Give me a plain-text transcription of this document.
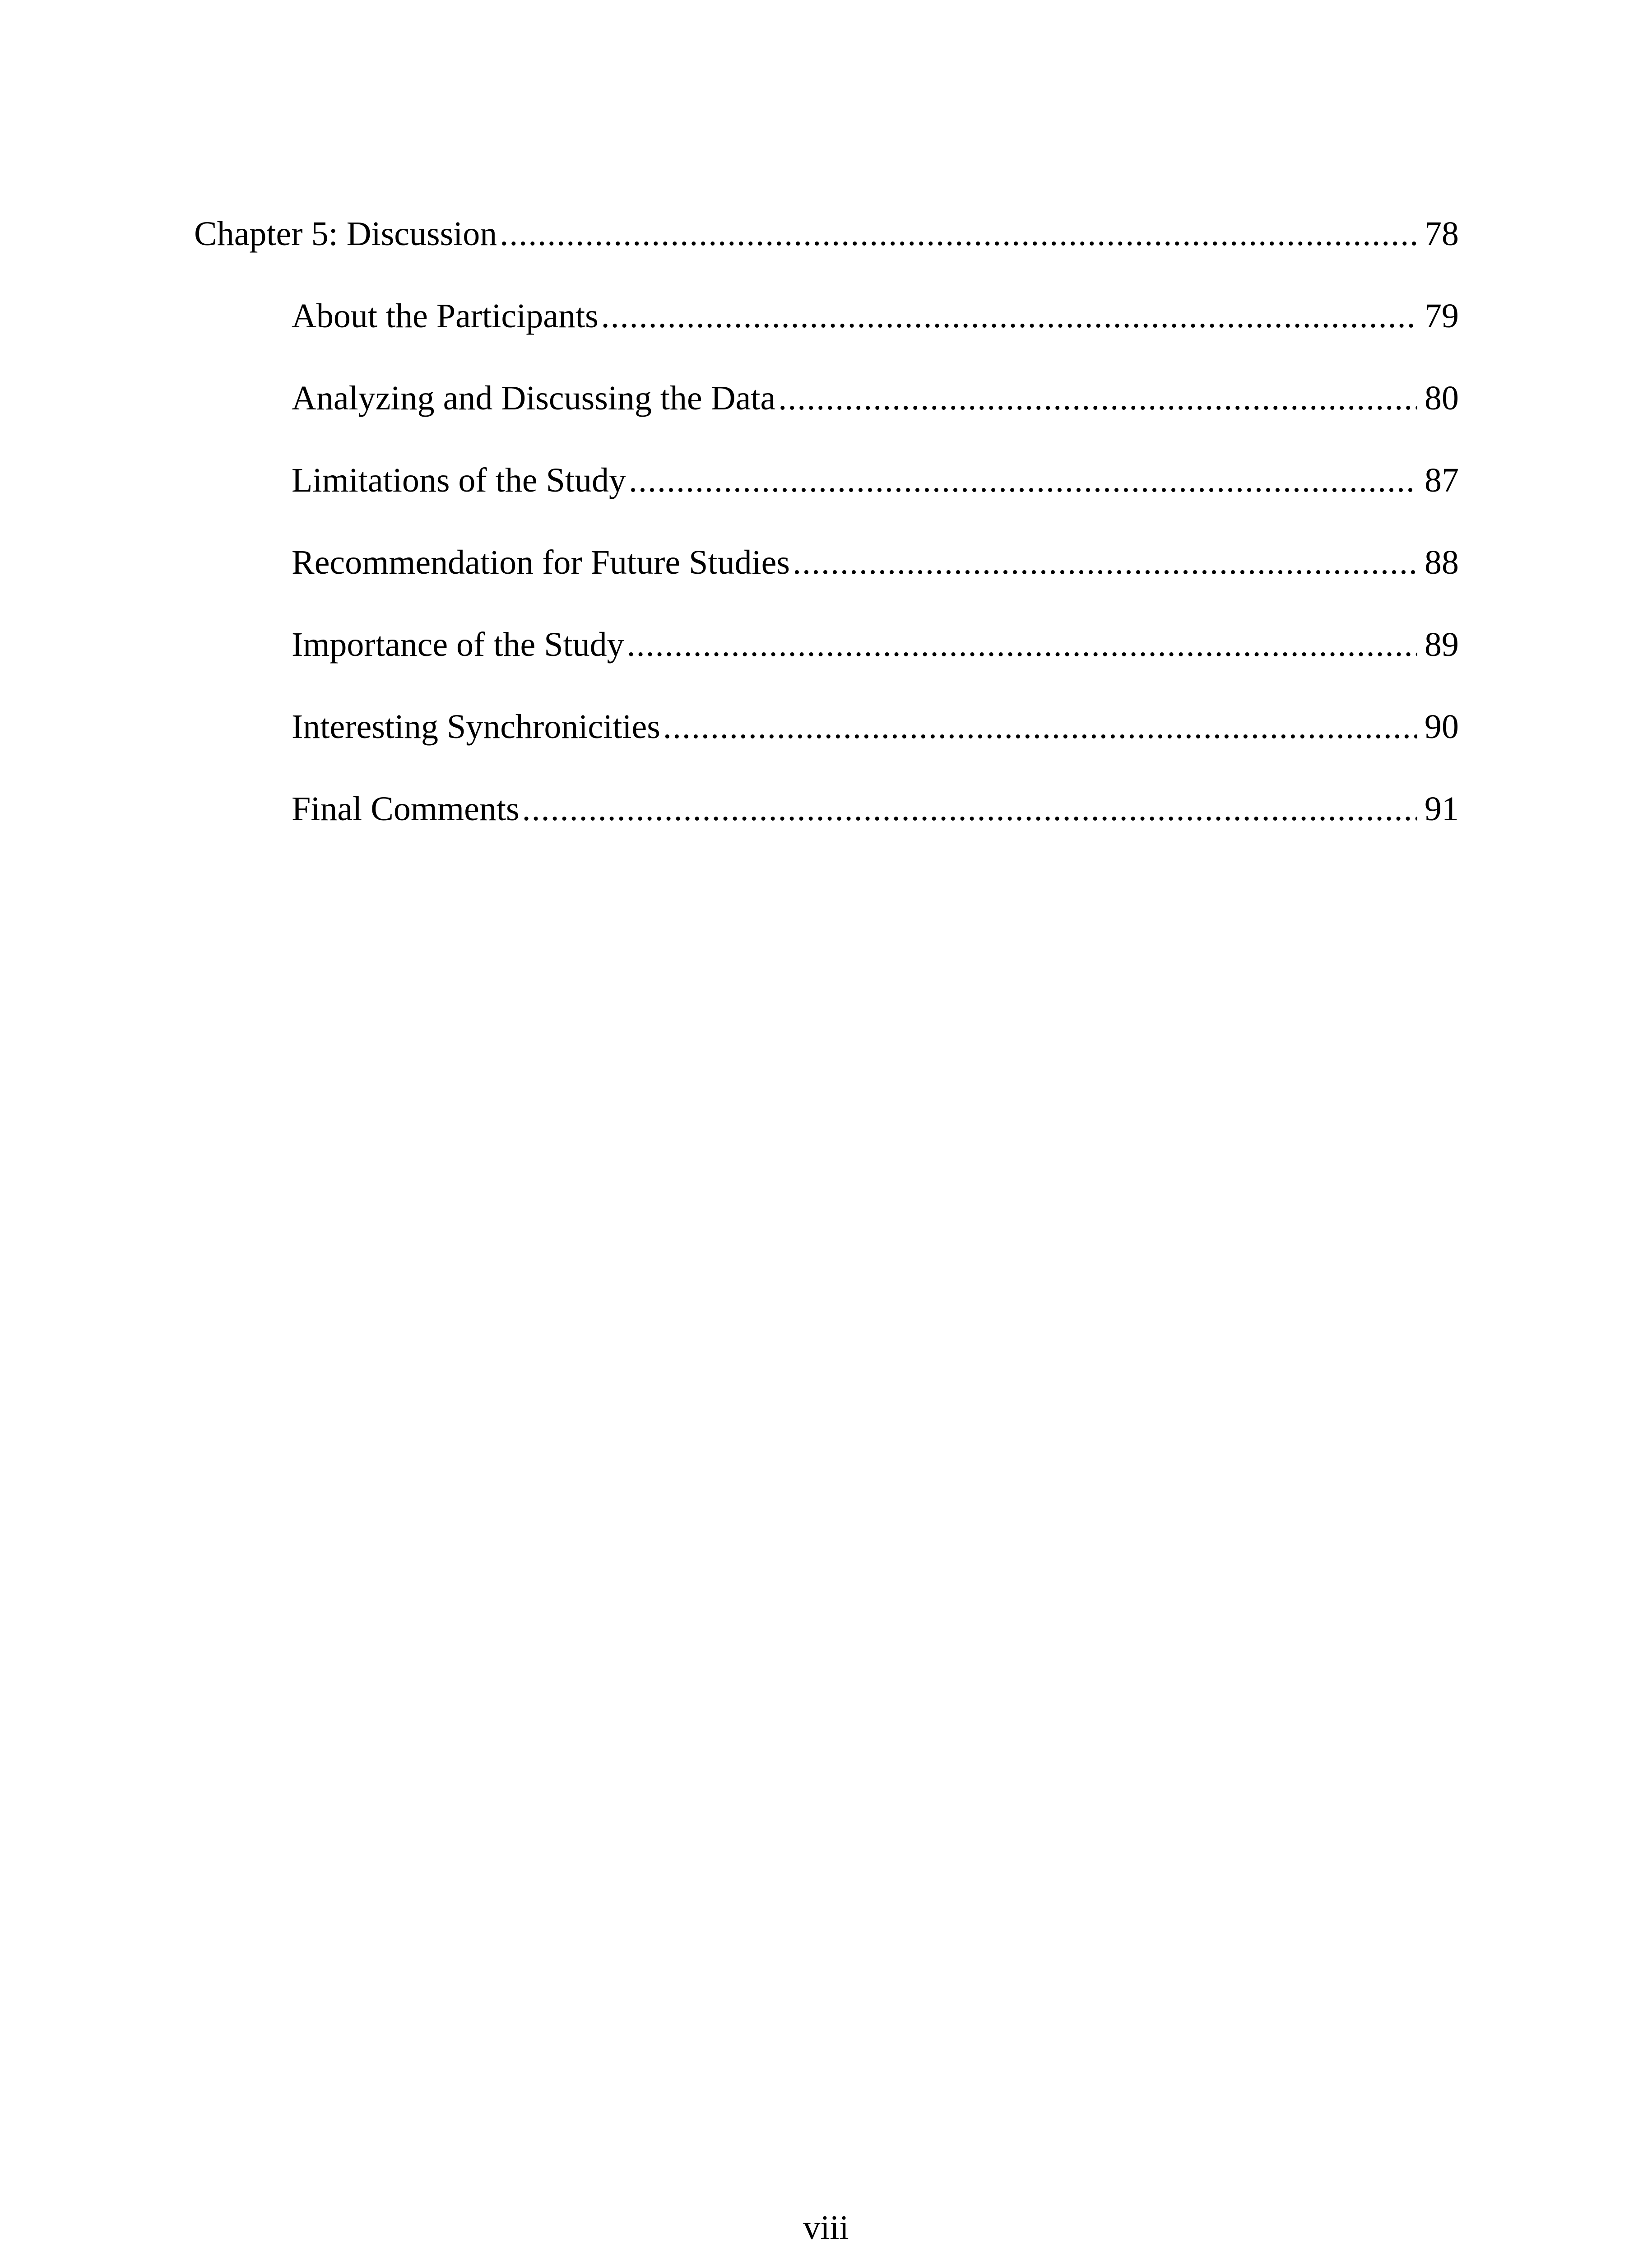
Chapter 5: Discussion .....	78
About the Participants .....	79
Analyzing and Discussing the Data .....	80
Limitations of the Study .....	87
Recommendation for Future Studies .....	88
Importance of the Study .....	89
Interesting Synchronicities .....	90
Final Comments .....	91
viii
